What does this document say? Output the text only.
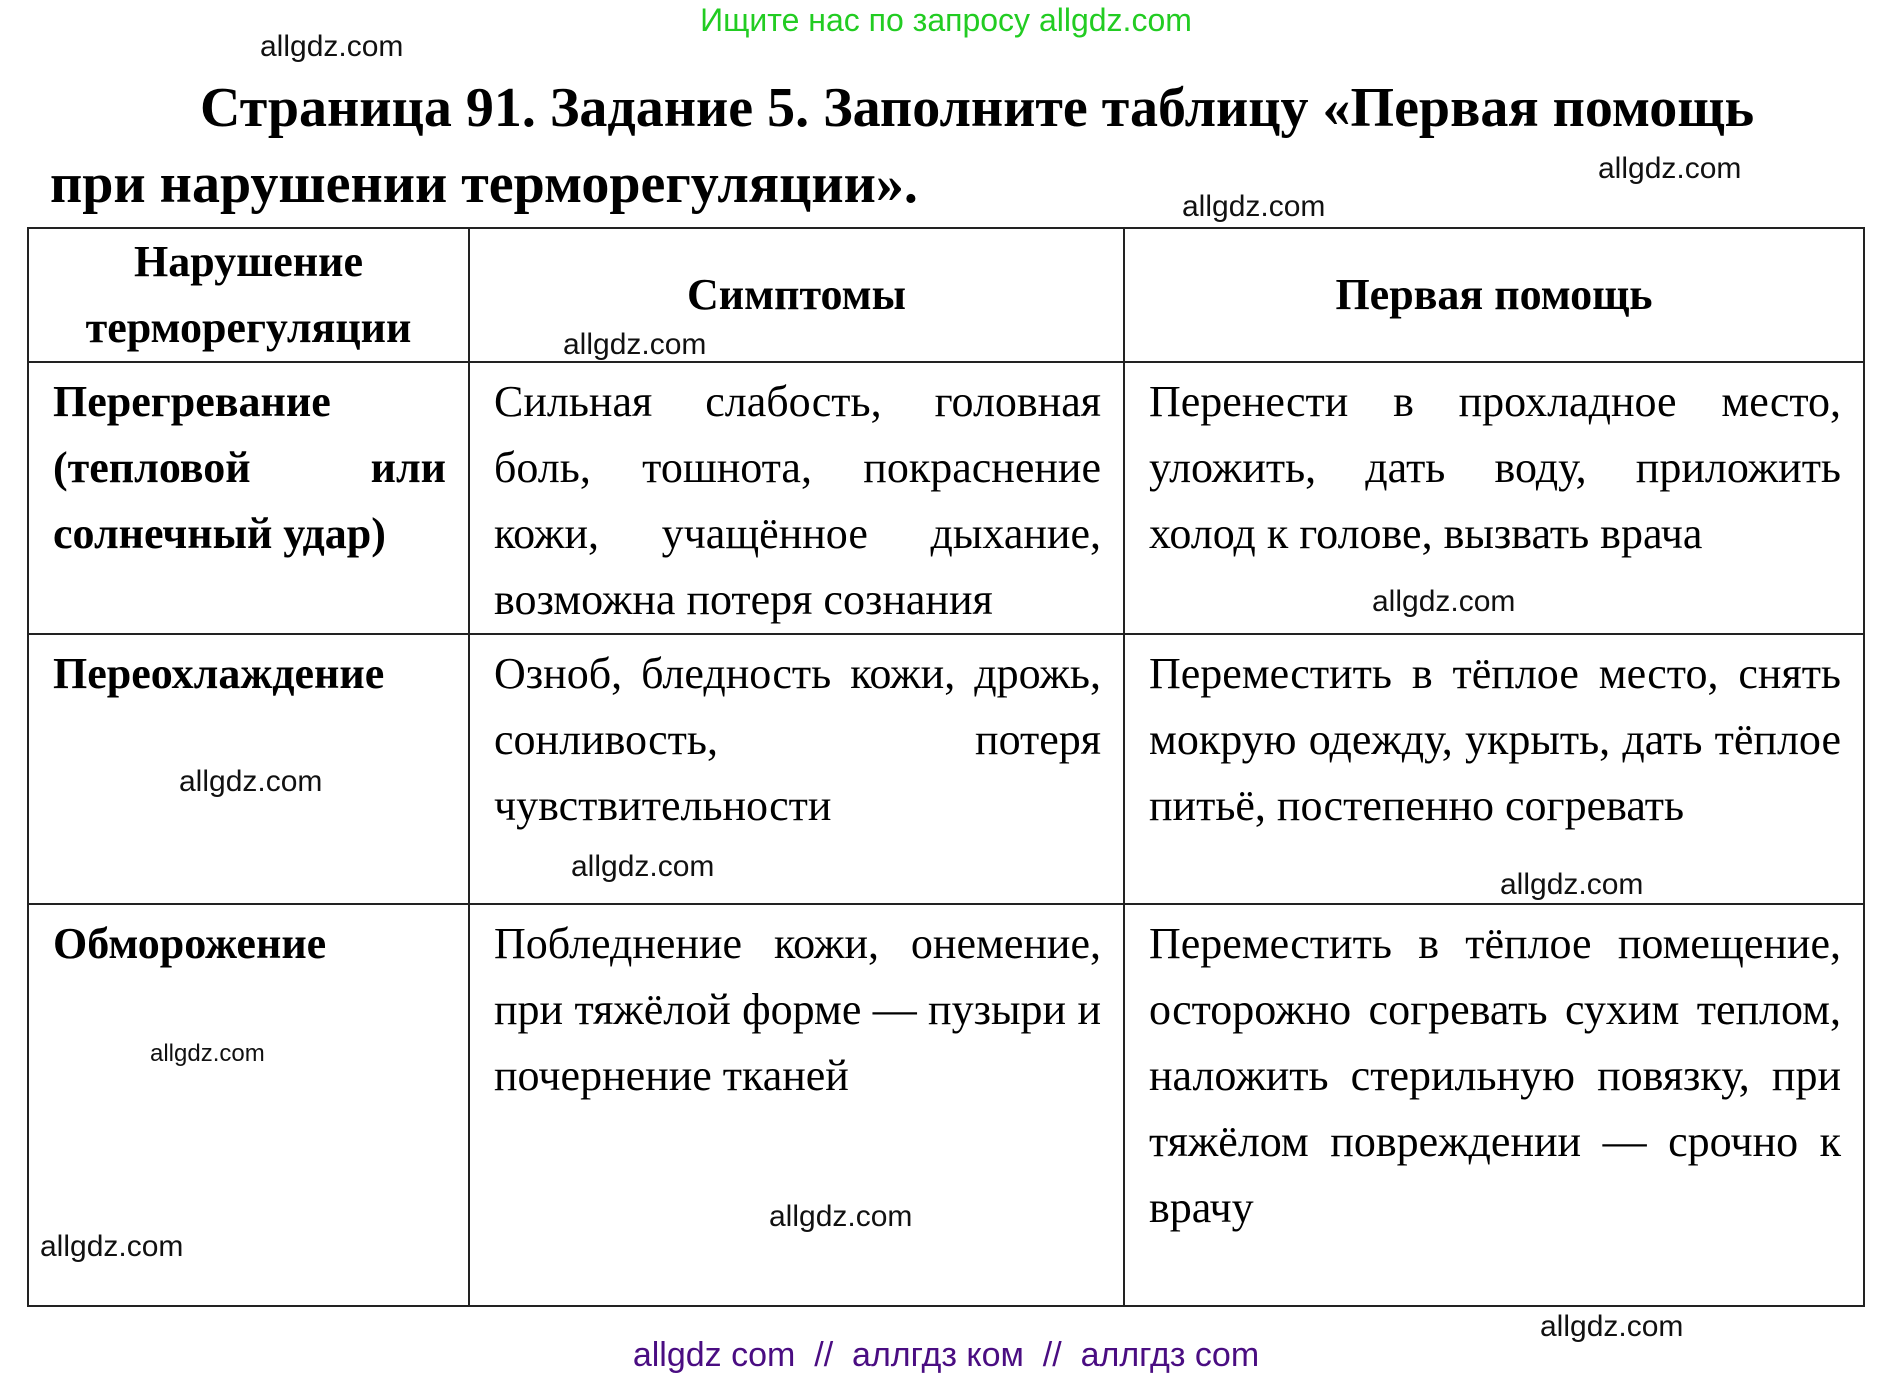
Ищите нас по запросу allgdz.com
Страница 91. Задание 5. Заполните таблицу «Первая помощь при нарушении терморегуляции».
Нарушение терморегуляции	Симптомы	Первая помощь
Перегревание (тепловой или солнечный удар)	Сильная слабость, головная боль, тошнота, покраснение кожи, учащённое дыхание, возможна потеря сознания	Перенести в прохладное место, уложить, дать воду, приложить холод к голове, вызвать врача
Переохлаждение	Озноб, бледность кожи, дрожь, сонливость, потеря чувствительности	Переместить в тёплое место, снять мокрую одежду, укрыть, дать тёплое питьё, постепенно согревать
Обморожение	Побледнение кожи, онемение, при тяжёлой форме — пузыри и почернение тканей	Переместить в тёплое помещение, осторожно согревать сухим теплом, наложить стерильную повязку, при тяжёлом повреждении — срочно к врачу
allgdz.com
allgdz.com
allgdz.com
allgdz.com
allgdz.com
allgdz.com
allgdz.com
allgdz.com
allgdz.com
allgdz.com
allgdz.com
allgdz.com
allgdz com  //  аллгдз ком  //  аллгдз com
